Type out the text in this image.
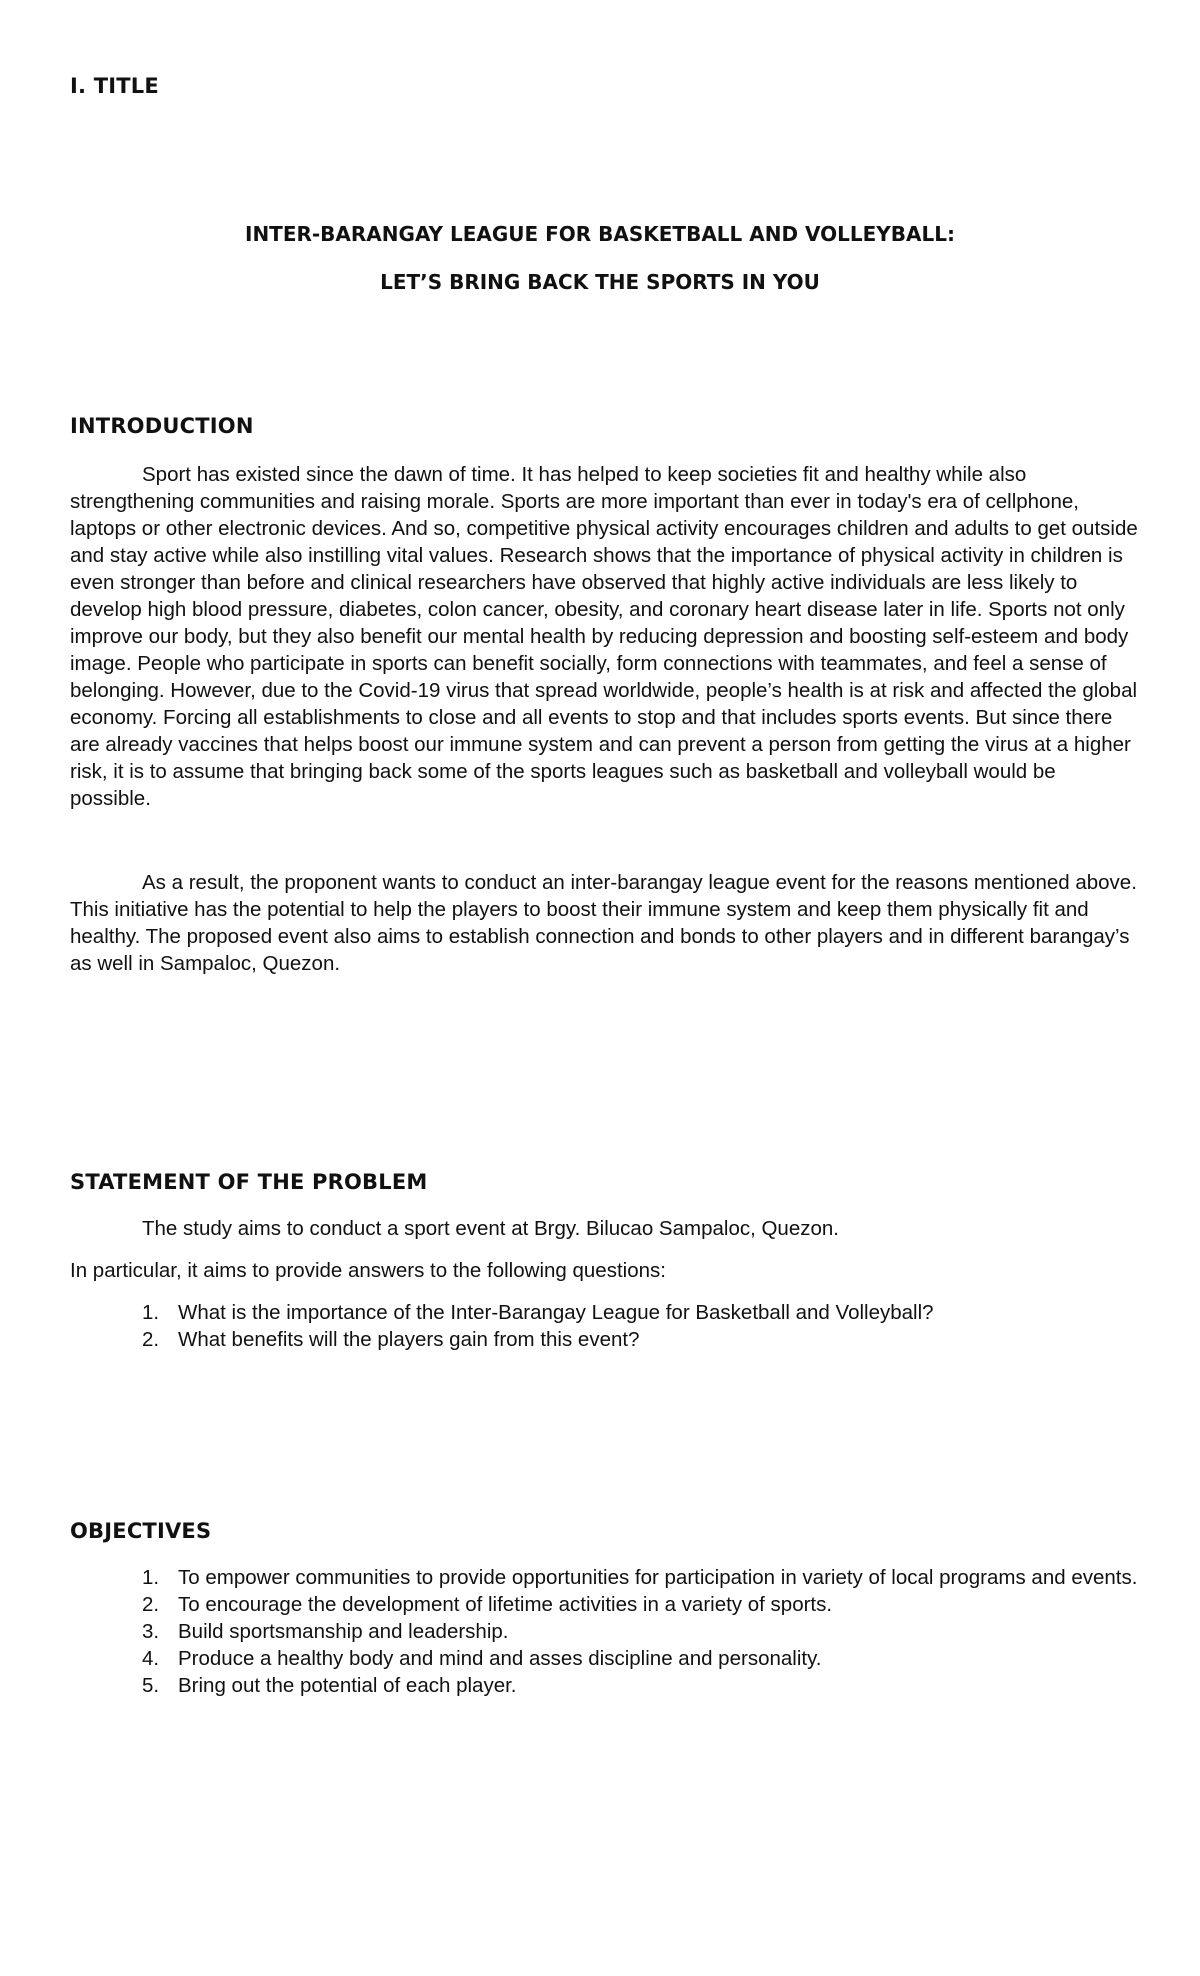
I. TITLE

INTER-BARANGAY LEAGUE FOR BASKETBALL AND VOLLEYBALL:

LET’S BRING BACK THE SPORTS IN YOU

INTRODUCTION

Sport has existed since the dawn of time. It has helped to keep societies fit and healthy while also strengthening communities and raising morale. Sports are more important than ever in today's era of cellphone, laptops or other electronic devices. And so, competitive physical activity encourages children and adults to get outside and stay active while also instilling vital values. Research shows that the importance of physical activity in children is even stronger than before and clinical researchers have observed that highly active individuals are less likely to develop high blood pressure, diabetes, colon cancer, obesity, and coronary heart disease later in life. Sports not only improve our body, but they also benefit our mental health by reducing depression and boosting self-esteem and body image. People who participate in sports can benefit socially, form connections with teammates, and feel a sense of belonging. However, due to the Covid-19 virus that spread worldwide, people’s health is at risk and affected the global economy. Forcing all establishments to close and all events to stop and that includes sports events. But since there are already vaccines that helps boost our immune system and can prevent a person from getting the virus at a higher risk, it is to assume that bringing back some of the sports leagues such as basketball and volleyball would be possible.

As a result, the proponent wants to conduct an inter-barangay league event for the reasons mentioned above. This initiative has the potential to help the players to boost their immune system and keep them physically fit and healthy. The proposed event also aims to establish connection and bonds to other players and in different barangay’s as well in Sampaloc, Quezon.

STATEMENT OF THE PROBLEM

The study aims to conduct a sport event at Brgy. Bilucao Sampaloc, Quezon.

In particular, it aims to provide answers to the following questions:

1. What is the importance of the Inter-Barangay League for Basketball and Volleyball?
2. What benefits will the players gain from this event?
OBJECTIVES
1. To empower communities to provide opportunities for participation in variety of local programs and events.
2. To encourage the development of lifetime activities in a variety of sports.
3. Build sportsmanship and leadership.
4. Produce a healthy body and mind and asses discipline and personality.
5. Bring out the potential of each player.
